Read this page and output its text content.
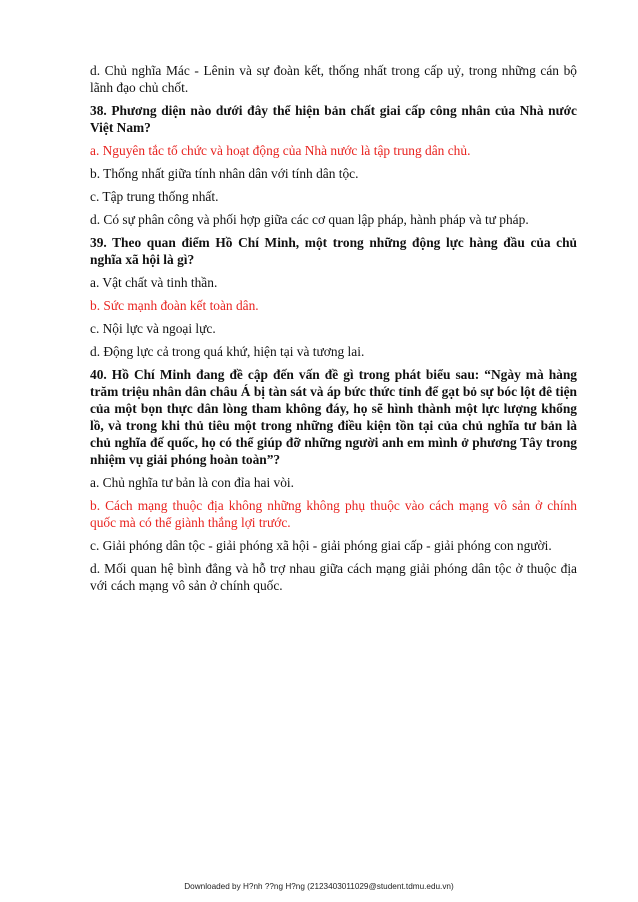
d. Chủ nghĩa Mác - Lênin và sự đoàn kết, thống nhất trong cấp uỷ, trong những cán bộ lãnh đạo chủ chốt.

38. Phương diện nào dưới đây thể hiện bản chất giai cấp công nhân của Nhà nước Việt Nam?

a. Nguyên tắc tổ chức và hoạt động của Nhà nước là tập trung dân chủ.

b. Thống nhất giữa tính nhân dân với tính dân tộc.

c. Tập trung thống nhất.

d. Có sự phân công và phối hợp giữa các cơ quan lập pháp, hành pháp và tư pháp.

39. Theo quan điểm Hồ Chí Minh, một trong những động lực hàng đầu của chủ nghĩa xã hội là gì?

a. Vật chất và tinh thần.

b. Sức mạnh đoàn kết toàn dân.

c. Nội lực và ngoại lực.

d. Động lực cả trong quá khứ, hiện tại và tương lai.

40. Hồ Chí Minh đang đề cập đến vấn đề gì trong phát biểu sau: “Ngày mà hàng trăm triệu nhân dân châu Á bị tàn sát và áp bức thức tỉnh để gạt bỏ sự bóc lột đê tiện của một bọn thực dân lòng tham không đáy, họ sẽ hình thành một lực lượng khổng lồ, và trong khi thủ tiêu một trong những điều kiện tồn tại của chủ nghĩa tư bản là chủ nghĩa đế quốc, họ có thể giúp đỡ những người anh em mình ở phương Tây trong nhiệm vụ giải phóng hoàn toàn”?

a. Chủ nghĩa tư bản là con đỉa hai vòi.

b. Cách mạng thuộc địa không những không phụ thuộc vào cách mạng vô sản ở chính quốc mà có thể giành thắng lợi trước.

c. Giải phóng dân tộc - giải phóng xã hội - giải phóng giai cấp - giải phóng con người.

d. Mối quan hệ bình đẳng và hỗ trợ nhau giữa cách mạng giải phóng dân tộc ở thuộc địa với cách mạng vô sản ở chính quốc.

Downloaded by H?nh ??ng H?ng (2123403011029@student.tdmu.edu.vn)
